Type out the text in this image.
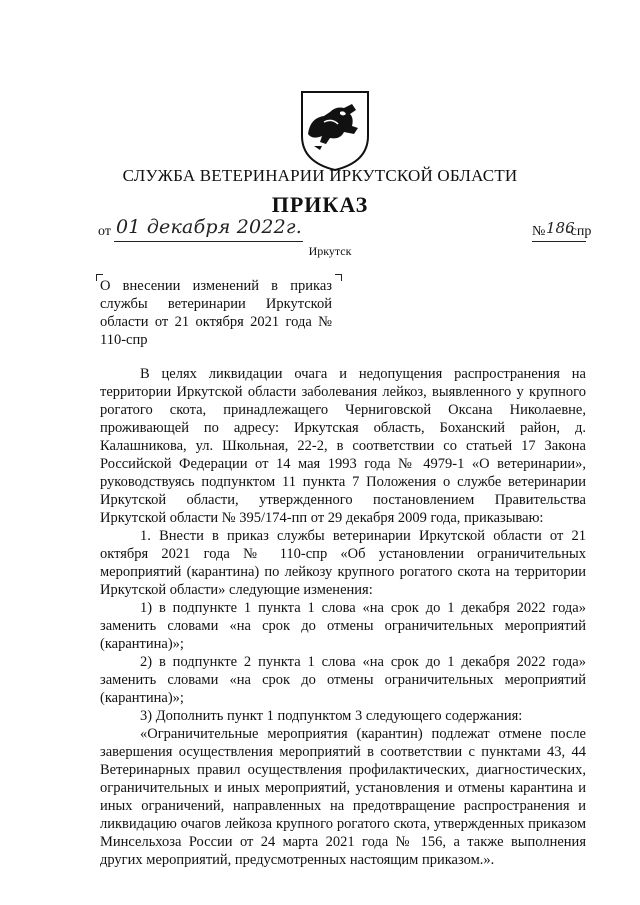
СЛУЖБА ВЕТЕРИНАРИИ ИРКУТСКОЙ ОБЛАСТИ
ПРИКАЗ
от 01 декабря 2022г.	№ 186
-спр
Иркутск
О внесении изменений в приказ службы ветеринарии Иркутской области от 21 октября 2021 года № 110-спр

В целях ликвидации очага и недопущения распространения на территории Иркутской области заболевания лейкоз, выявленного у крупного рогатого скота, принадлежащего Черниговской Оксана Николаевне, проживающей по адресу: Иркутская область, Боханский район, д. Калашникова, ул. Школьная, 22-2, в соответствии со статьей 17 Закона Российской Федерации от 14 мая 1993 года № 4979-1 «О ветеринарии», руководствуясь подпунктом 11 пункта 7 Положения о службе ветеринарии Иркутской области, утвержденного постановлением Правительства Иркутской области № 395/174-пп от 29 декабря 2009 года, приказываю:

1. Внести в приказ службы ветеринарии Иркутской области от 21 октября 2021 года № 110-спр «Об установлении ограничительных мероприятий (карантина) по лейкозу крупного рогатого скота на территории Иркутской области» следующие изменения:

1) в подпункте 1 пункта 1 слова «на срок до 1 декабря 2022 года» заменить словами «на срок до отмены ограничительных мероприятий (карантина)»;

2) в подпункте 2 пункта 1 слова «на срок до 1 декабря 2022 года» заменить словами «на срок до отмены ограничительных мероприятий (карантина)»;

3) Дополнить пункт 1 подпунктом 3 следующего содержания:

«Ограничительные мероприятия (карантин) подлежат отмене после завершения осуществления мероприятий в соответствии с пунктами 43, 44 Ветеринарных правил осуществления профилактических, диагностических, ограничительных и иных мероприятий, установления и отмены карантина и иных ограничений, направленных на предотвращение распространения и ликвидацию очагов лейкоза крупного рогатого скота, утвержденных приказом Минсельхоза России от 24 марта 2021 года № 156, а также выполнения других мероприятий, предусмотренных настоящим приказом.».
